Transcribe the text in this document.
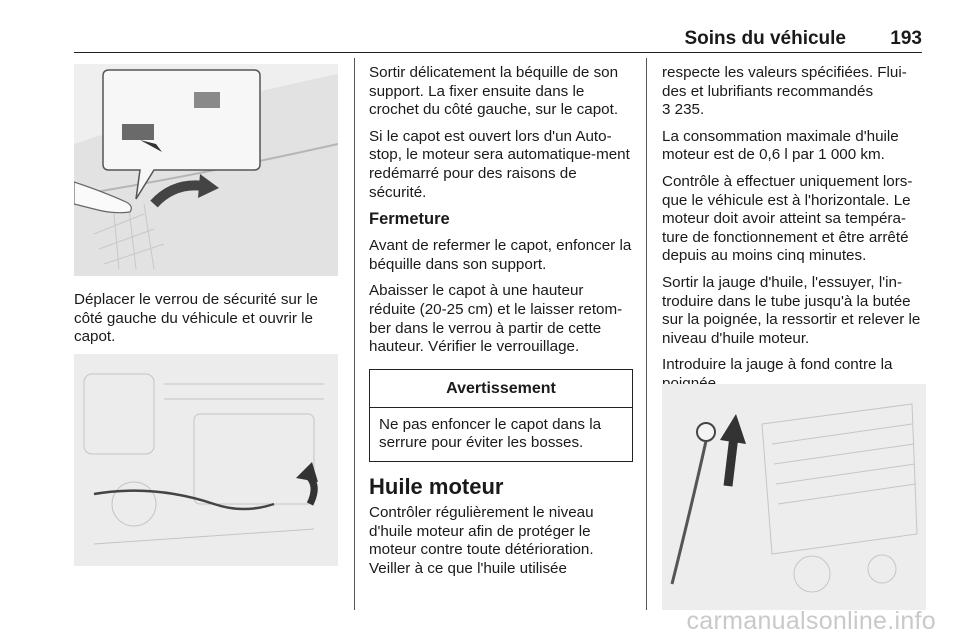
Soins du véhicule 193

Déplacer le verrou de sécurité sur le côté gauche du véhicule et ouvrir le capot.

Sortir délicatement la béquille de son support. La fixer ensuite dans le crochet du côté gauche, sur le capot.

Si le capot est ouvert lors d'un Auto-stop, le moteur sera automatique-ment redémarré pour des raisons de sécurité.

Fermeture

Avant de refermer le capot, enfoncer la béquille dans son support.

Abaisser le capot à une hauteur réduite (20-25 cm) et le laisser retom-ber dans le verrou à partir de cette hauteur. Vérifier le verrouillage.

Avertissement
Ne pas enfoncer le capot dans la serrure pour éviter les bosses.
Huile moteur

Contrôler régulièrement le niveau d'huile moteur afin de protéger le moteur contre toute détérioration. Veiller à ce que l'huile utilisée

respecte les valeurs spécifiées. Flui-des et lubrifiants recommandés

3 235.

La consommation maximale d'huile moteur est de 0,6 l par 1 000 km.

Contrôle à effectuer uniquement lors-que le véhicule est à l'horizontale. Le moteur doit avoir atteint sa tempéra-ture de fonctionnement et être arrêté depuis au moins cinq minutes.

Sortir la jauge d'huile, l'essuyer, l'in-troduire dans le tube jusqu'à la butée sur la poignée, la ressortir et relever le niveau d'huile moteur.

Introduire la jauge à fond contre la

carmanualsonline.info
